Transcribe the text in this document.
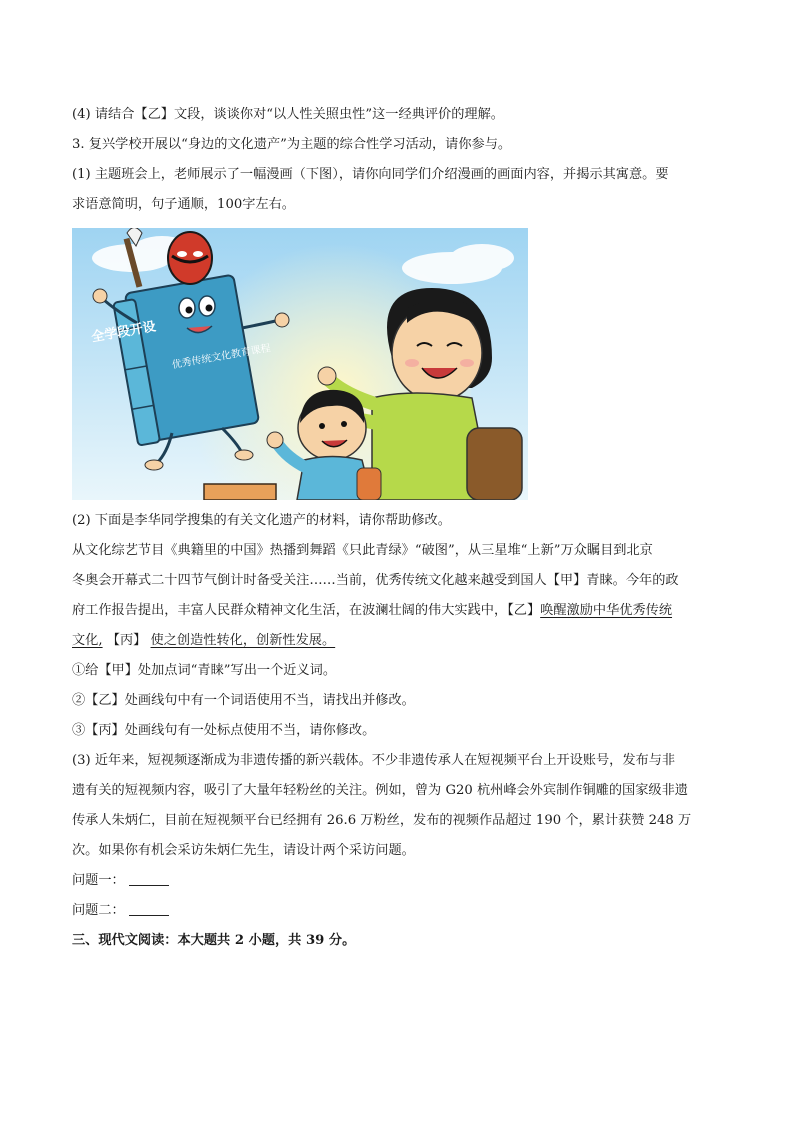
(4) 请结合【乙】文段，谈谈你对“以人性关照虫性”这一经典评价的理解。
3. 复兴学校开展以“身边的文化遗产”为主题的综合性学习活动，请你参与。
(1) 主题班会上，老师展示了一幅漫画（下图），请你向同学们介绍漫画的画面内容，并揭示其寓意。要
求语意简明，句子通顺，100字左右。
全学段开设
优秀传统文化教育课程
(2) 下面是李华同学搜集的有关文化遗产的材料，请你帮助修改。
从文化综艺节目《典籍里的中国》热播到舞蹈《只此青绿》“破图”，从三星堆“上新”万众瞩目到北京
冬奥会开幕式二十四节气倒计时备受关注……当前，优秀传统文化越来越受到国人【甲】青睐。今年的政
府工作报告提出，丰富人民群众精神文化生活，在波澜壮阔的伟大实践中，【乙】唤醒激励中华优秀传统
文化, 【丙】 使之创造性转化，创新性发展。
①给【甲】处加点词“青睐”写出一个近义词。
②【乙】处画线句中有一个词语使用不当，请找出并修改。
③【丙】处画线句有一处标点使用不当，请你修改。
(3) 近年来，短视频逐渐成为非遗传播的新兴载体。不少非遗传承人在短视频平台上开设账号，发布与非
遗有关的短视频内容，吸引了大量年轻粉丝的关注。例如，曾为 G20 杭州峰会外宾制作铜雕的国家级非遗
传承人朱炳仁，目前在短视频平台已经拥有 26.6 万粉丝，发布的视频作品超过 190 个，累计获赞 248 万
次。如果你有机会采访朱炳仁先生，请设计两个采访问题。
问题一：
问题二：
三、现代文阅读：本大题共 2 小题，共 39 分。
